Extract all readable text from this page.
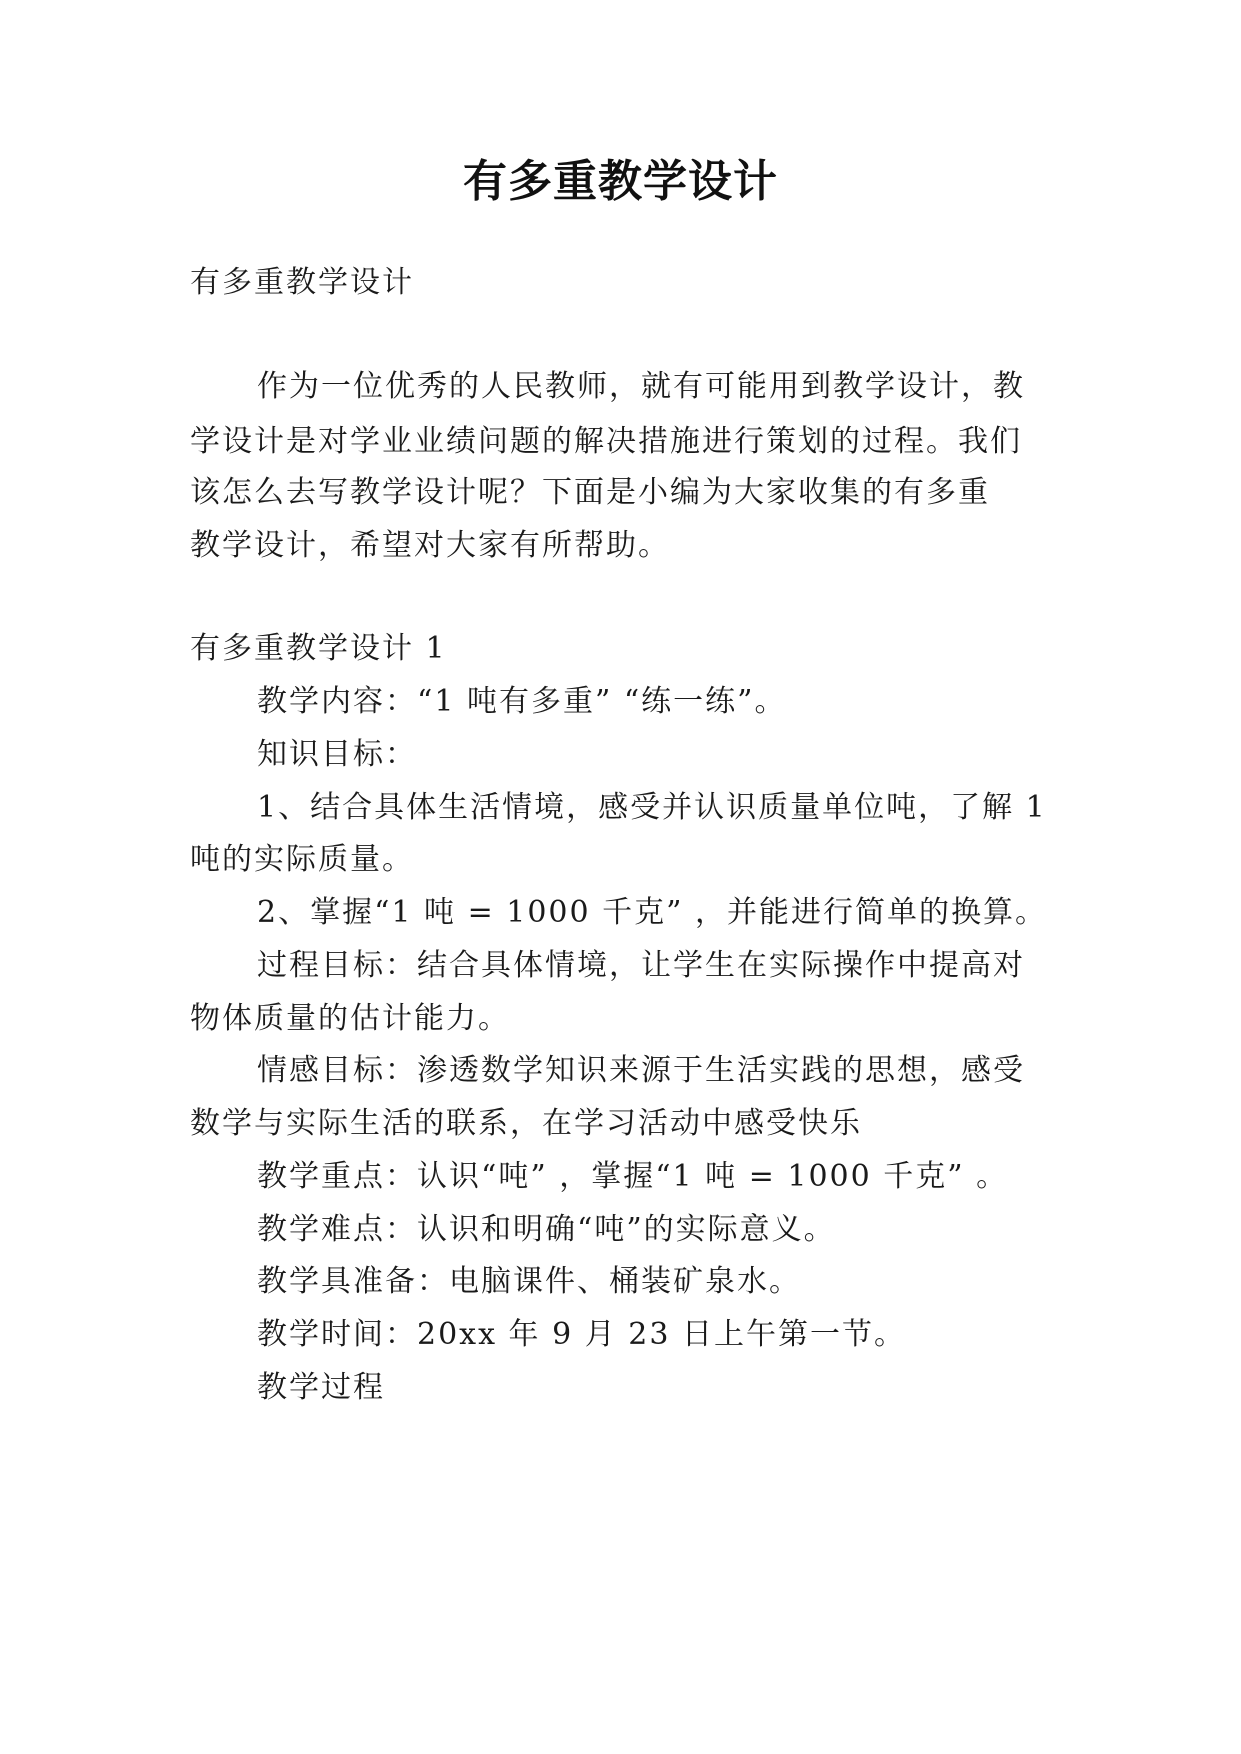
有多重教学设计

有多重教学设计

作为一位优秀的人民教师，就有可能用到教学设计，教

学设计是对学业业绩问题的解决措施进行策划的过程。我们

该怎么去写教学设计呢？下面是小编为大家收集的有多重

教学设计，希望对大家有所帮助。

有多重教学设计 1

教学内容：“1 吨有多重” “练一练”。

知识目标：

1、结合具体生活情境，感受并认识质量单位吨，了解 1

吨的实际质量。

2、掌握“1 吨 = 1000 千克” ，并能进行简单的换算。

过程目标：结合具体情境，让学生在实际操作中提高对

物体质量的估计能力。

情感目标：渗透数学知识来源于生活实践的思想，感受

数学与实际生活的联系，在学习活动中感受快乐

教学重点：认识“吨” ，掌握“1 吨 = 1000 千克” 。

教学难点：认识和明确“吨”的实际意义。

教学具准备：电脑课件、桶装矿泉水。

教学时间：20xx 年 9 月 23 日上午第一节。

教学过程
